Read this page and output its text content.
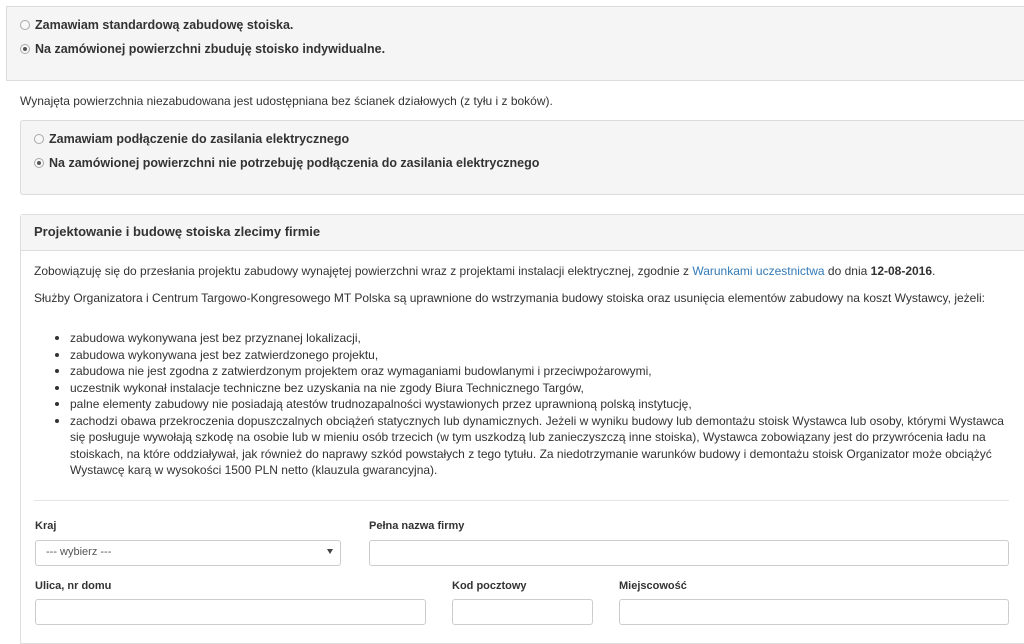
Zamawiam standardową zabudowę stoiska.
Na zamówionej powierzchni zbuduję stoisko indywidualne.
Wynajęta powierzchnia niezabudowana jest udostępniana bez ścianek działowych (z tyłu i z boków).
Zamawiam podłączenie do zasilania elektrycznego
Na zamówionej powierzchni nie potrzebuję podłączenia do zasilania elektrycznego
Projektowanie i budowę stoiska zlecimy firmie
Zobowiązuję się do przesłania projektu zabudowy wynajętej powierzchni wraz z projektami instalacji elektrycznej, zgodnie z Warunkami uczestnictwa do dnia 12-08-2016.
Służby Organizatora i Centrum Targowo-Kongresowego MT Polska są uprawnione do wstrzymania budowy stoiska oraz usunięcia elementów zabudowy na koszt Wystawcy, jeżeli:
zabudowa wykonywana jest bez przyznanej lokalizacji,
zabudowa wykonywana jest bez zatwierdzonego projektu,
zabudowa nie jest zgodna z zatwierdzonym projektem oraz wymaganiami budowlanymi i przeciwpożarowymi,
uczestnik wykonał instalacje techniczne bez uzyskania na nie zgody Biura Technicznego Targów,
palne elementy zabudowy nie posiadają atestów trudnozapalności wystawionych przez uprawnioną polską instytucję,
zachodzi obawa przekroczenia dopuszczalnych obciążeń statycznych lub dynamicznych. Jeżeli w wyniku budowy lub demontażu stoisk Wystawca lub osoby, którymi Wystawca się posługuje wywołają szkodę na osobie lub w mieniu osób trzecich (w tym uszkodzą lub zanieczyszczą inne stoiska), Wystawca zobowiązany jest do przywrócenia ładu na stoiskach, na które oddziaływał, jak również do naprawy szkód powstałych z tego tytułu. Za niedotrzymanie warunków budowy i demontażu stoisk Organizator może obciążyć Wystawcę karą w wysokości 1500 PLN netto (klauzula gwarancyjna).
Kraj
--- wybierz ---
Pełna nazwa firmy
Ulica, nr domu	Kod pocztowy	Miejscowość
